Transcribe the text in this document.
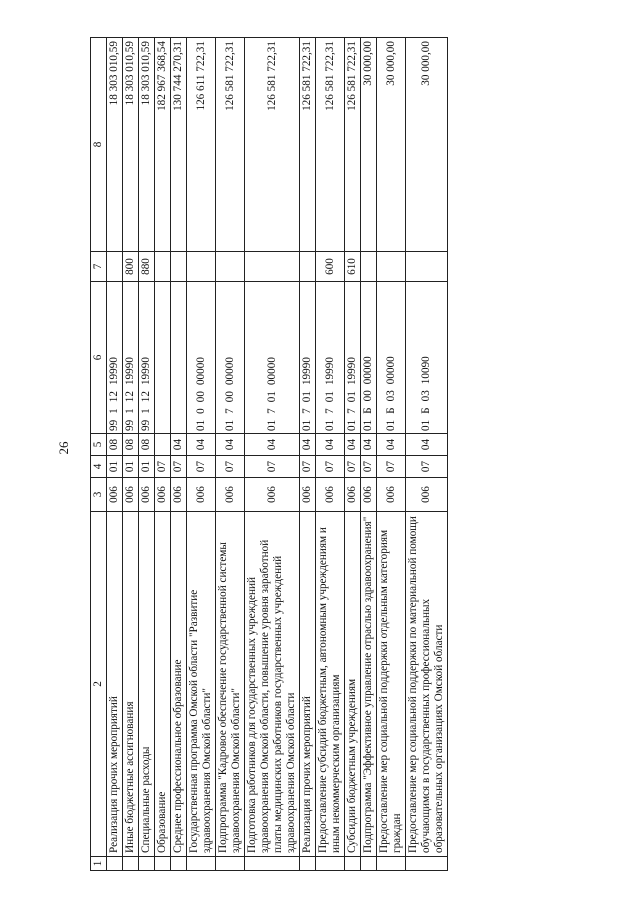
26
1	2	3	4	5	6	7	8
	Реализация прочих мероприятий	006	01	08	9911219990		18 303 010,59
	Иные бюджетные ассигнования	006	01	08	9911219990	800	18 303 010,59
	Специальные расходы	006	01	08	9911219990	880	18 303 010,59
	Образование	006	07				182 967 368,54
	Среднее профессиональное образование	006	07	04			130 744 270,31
	Государственная программа Омской области "Развитие здравоохранения Омской области"	006	07	04	0100000000		126 611 722,31
	Подпрограмма "Кадровое обеспечение государственной системы здравоохранения Омской области"	006	07	04	0170000000		126 581 722,31
	Подготовка работников для государственных учреждений здравоохранения Омской области, повышение уровня заработной платы медицинских работников государственных учреждений здравоохранения Омской области	006	07	04	0170100000		126 581 722,31
	Реализация прочих мероприятий	006	07	04	0170119990		126 581 722,31
	Предоставление субсидий бюджетным, автономным учреждениям и иным некоммерческим организациям	006	07	04	0170119990	600	126 581 722,31
	Субсидии бюджетным учреждениям	006	07	04	0170119990	610	126 581 722,31
	Подпрограмма "Эффективное управление отраслью здравоохранения"	006	07	04	01Б0000000		30 000,00
	Предоставление мер социальной поддержки отдельным категориям граждан	006	07	04	01Б0300000		30 000,00
	Предоставление мер социальной поддержки по материальной помощи обучающимся в государственных профессиональных образовательных организациях Омской области	006	07	04	01Б0310090		30 000,00
